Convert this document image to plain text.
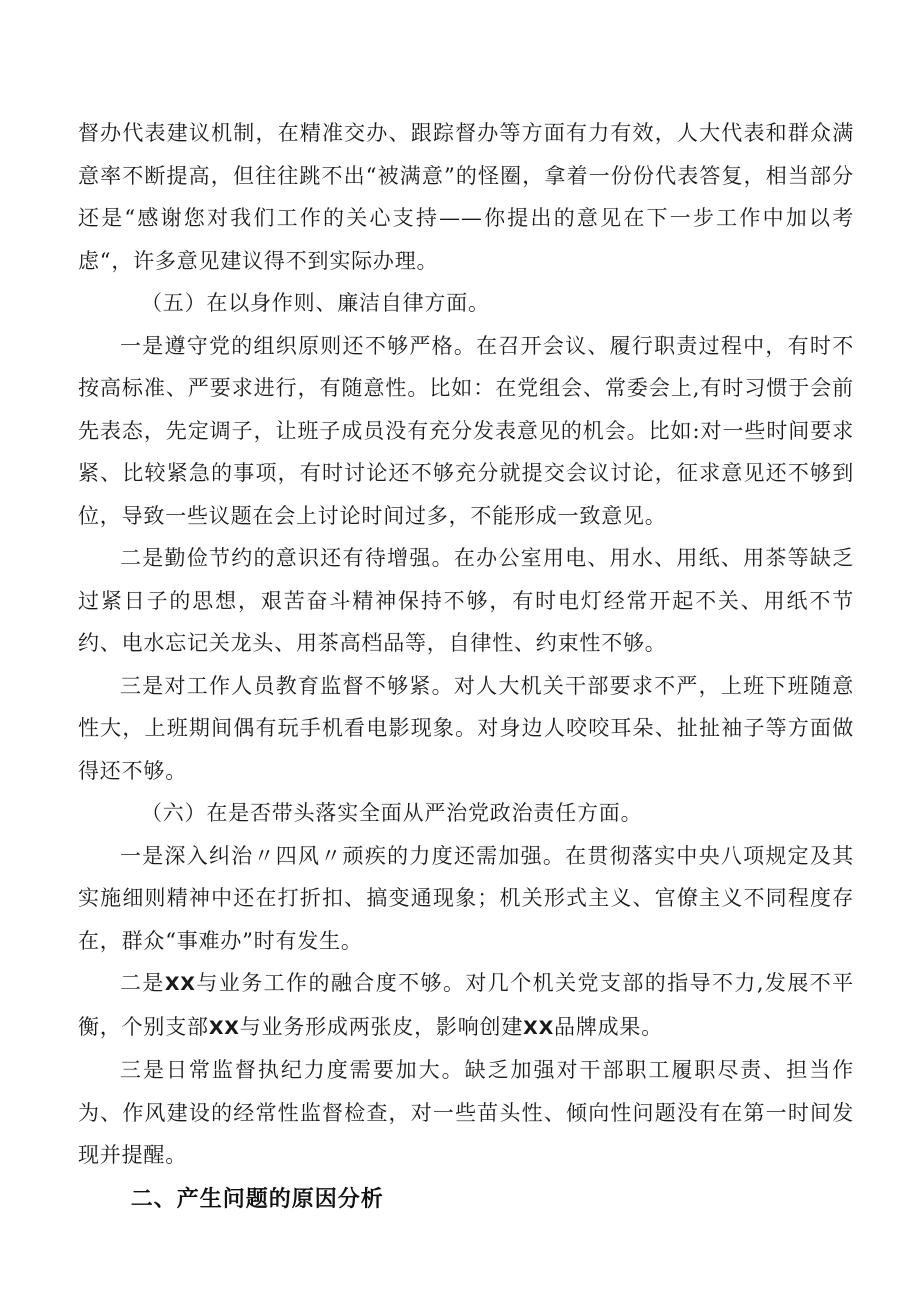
督办代表建议机制，在精准交办、跟踪督办等方面有力有效，人大代表和群众满意率不断提高，但往往跳不出“被满意”的怪圈，拿着一份份代表答复，相当部分还是“感谢您对我们工作的关心支持——你提出的意见在下一步工作中加以考虑“，许多意见建议得不到实际办理。

（五）在以身作则、廉洁自律方面。

一是遵守党的组织原则还不够严格。在召开会议、履行职责过程中，有时不按高标准、严要求进行，有随意性。比如：在党组会、常委会上,有时习惯于会前先表态，先定调子，让班子成员没有充分发表意见的机会。比如:对一些时间要求紧、比较紧急的事项，有时讨论还不够充分就提交会议讨论，征求意见还不够到位，导致一些议题在会上讨论时间过多，不能形成一致意见。

二是勤俭节约的意识还有待增强。在办公室用电、用水、用纸、用茶等缺乏过紧日子的思想，艰苦奋斗精神保持不够，有时电灯经常开起不关、用纸不节约、电水忘记关龙头、用茶高档品等，自律性、约束性不够。

三是对工作人员教育监督不够紧。对人大机关干部要求不严，上班下班随意性大，上班期间偶有玩手机看电影现象。对身边人咬咬耳朵、扯扯袖子等方面做得还不够。

（六）在是否带头落实全面从严治党政治责任方面。

一是深入纠治〃四风〃顽疾的力度还需加强。在贯彻落实中央八项规定及其实施细则精神中还在打折扣、搞变通现象；机关形式主义、官僚主义不同程度存在，群众“事难办”时有发生。

二是XX与业务工作的融合度不够。对几个机关党支部的指导不力,发展不平衡，个别支部XX与业务形成两张皮，影响创建XX品牌成果。

三是日常监督执纪力度需要加大。缺乏加强对干部职工履职尽责、担当作为、作风建设的经常性监督检查，对一些苗头性、倾向性问题没有在第一时间发现并提醒。

二、产生问题的原因分析
